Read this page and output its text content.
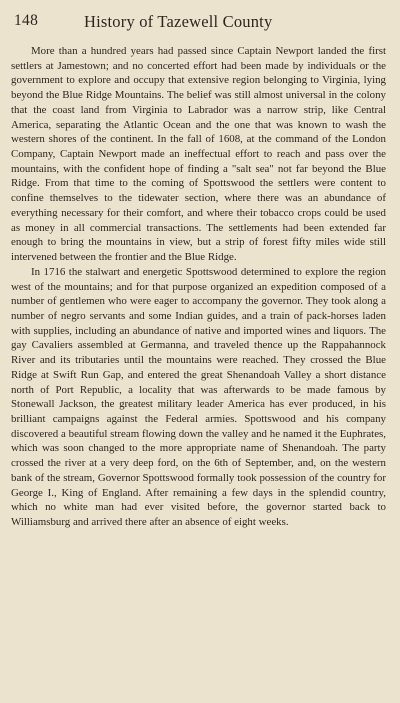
148	History of Tazewell County

More than a hundred years had passed since Captain Newport landed the first settlers at Jamestown; and no concerted effort had been made by individuals or the government to explore and occupy that extensive region belonging to Virginia, lying beyond the Blue Ridge Mountains. The belief was still almost universal in the colony that the coast land from Virginia to Labrador was a narrow strip, like Central America, separating the Atlantic Ocean and the one that was known to wash the western shores of the continent. In the fall of 1608, at the command of the London Company, Captain Newport made an ineffectual effort to reach and pass over the mountains, with the confident hope of finding a "salt sea" not far beyond the Blue Ridge. From that time to the coming of Spottswood the settlers were content to confine themselves to the tidewater section, where there was an abundance of everything necessary for their comfort, and where their tobacco crops could be used as money in all commercial transactions. The settlements had been extended far enough to bring the mountains in view, but a strip of forest fifty miles wide still intervened between the frontier and the Blue Ridge.

In 1716 the stalwart and energetic Spottswood determined to explore the region west of the mountains; and for that purpose organized an expedition composed of a number of gentlemen who were eager to accompany the governor. They took along a number of negro servants and some Indian guides, and a train of pack-horses laden with supplies, including an abundance of native and imported wines and liquors. The gay Cavaliers assembled at Germanna, and traveled thence up the Rappahannock River and its tributaries until the mountains were reached. They crossed the Blue Ridge at Swift Run Gap, and entered the great Shenandoah Valley a short distance north of Port Republic, a locality that was afterwards to be made famous by Stonewall Jackson, the greatest military leader America has ever produced, in his brilliant campaigns against the Federal armies. Spottswood and his company discovered a beautiful stream flowing down the valley and he named it the Euphrates, which was soon changed to the more appropriate name of Shenandoah. The party crossed the river at a very deep ford, on the 6th of September, and, on the western bank of the stream, Governor Spottswood formally took possession of the country for George I., King of England. After remaining a few days in the splendid country, which no white man had ever visited before, the governor started back to Williamsburg and arrived there after an absence of eight weeks.
